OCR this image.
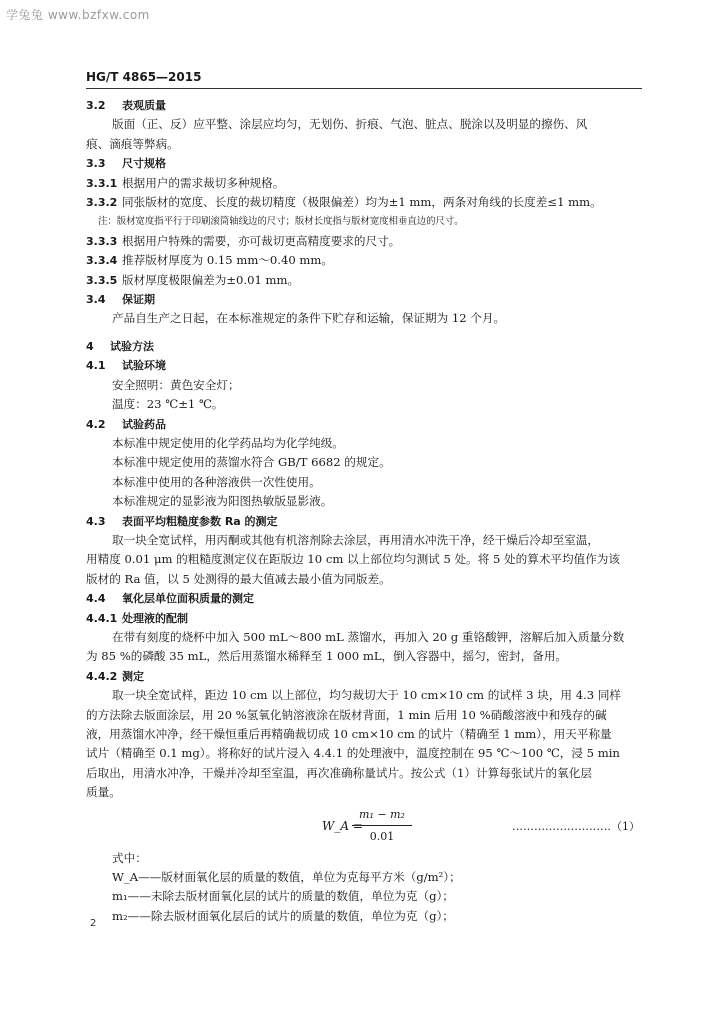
学兔兔 www.bzfxw.com
HG/T 4865—2015
3.2 表观质量
版面（正、反）应平整、涂层应均匀，无划伤、折痕、气泡、脏点、脱涂以及明显的擦伤、风
痕、滴痕等弊病。
3.3 尺寸规格
3.3.1 根据用户的需求裁切多种规格。
3.3.2 同张版材的宽度、长度的裁切精度（极限偏差）均为±1 mm，两条对角线的长度差≤1 mm。
注：版材宽度指平行于印刷滚筒轴线边的尺寸；版材长度指与版材宽度相垂直边的尺寸。
3.3.3 根据用户特殊的需要，亦可裁切更高精度要求的尺寸。
3.3.4 推荐版材厚度为 0.15 mm～0.40 mm。
3.3.5 版材厚度极限偏差为±0.01 mm。
3.4 保证期
产品自生产之日起，在本标准规定的条件下贮存和运输，保证期为 12 个月。
4 试验方法
4.1 试验环境
安全照明：黄色安全灯；
温度：23 ℃±1 ℃。
4.2 试验药品
本标准中规定使用的化学药品均为化学纯级。
本标准中规定使用的蒸馏水符合 GB/T 6682 的规定。
本标准中使用的各种溶液供一次性使用。
本标准规定的显影液为阳图热敏版显影液。
4.3 表面平均粗糙度参数 Ra 的测定
取一块全宽试样，用丙酮或其他有机溶剂除去涂层，再用清水冲洗干净，经干燥后冷却至室温，
用精度 0.01 μm 的粗糙度测定仪在距版边 10 cm 以上部位均匀测试 5 处。将 5 处的算术平均值作为该
版材的 Ra 值，以 5 处测得的最大值减去最小值为同版差。
4.4 氧化层单位面积质量的测定
4.4.1 处理液的配制
在带有刻度的烧杯中加入 500 mL～800 mL 蒸馏水，再加入 20 g 重铬酸钾，溶解后加入质量分数
为 85 %的磷酸 35 mL，然后用蒸馏水稀释至 1 000 mL，倒入容器中，摇匀，密封，备用。
4.4.2 测定
取一块全宽试样，距边 10 cm 以上部位，均匀裁切大于 10 cm×10 cm 的试样 3 块，用 4.3 同样
的方法除去版面涂层，用 20 %氢氧化钠溶液涂在版材背面，1 min 后用 10 %硝酸溶液中和残存的碱
液，用蒸馏水冲净，经干燥恒重后再精确裁切成 10 cm×10 cm 的试片（精确至 1 mm），用天平称量
试片（精确至 0.1 mg）。将称好的试片浸入 4.4.1 的处理液中，温度控制在 95 ℃～100 ℃，浸 5 min
后取出，用清水冲净，干燥并冷却至室温，再次准确称量试片。按公式（1）计算每张试片的氧化层
质量。
W_A =
$\frac{\text{m₁ − m₂}}{0.01}$	………………………（1）
式中：
W_A——版材面氧化层的质量的数值，单位为克每平方米（g/m²）；
m₁——未除去版材面氧化层的试片的质量的数值，单位为克（g）；
m₂——除去版材面氧化层后的试片的质量的数值，单位为克（g）；
2
